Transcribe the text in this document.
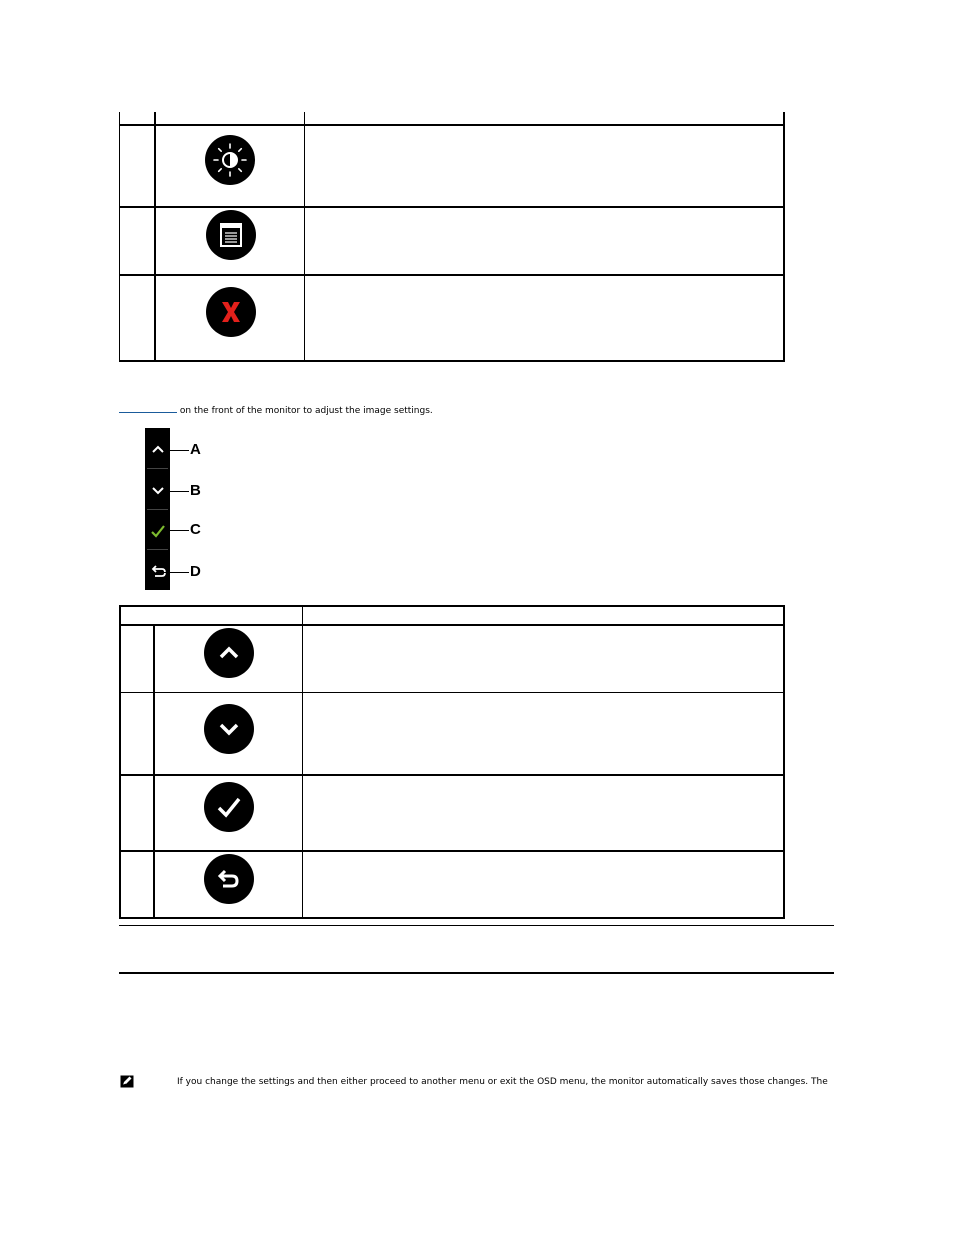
on the front of the monitor to adjust the image settings.
A
B
C
D
If you change the settings and then either proceed to another menu or exit the OSD menu, the monitor automatically saves those changes. The
